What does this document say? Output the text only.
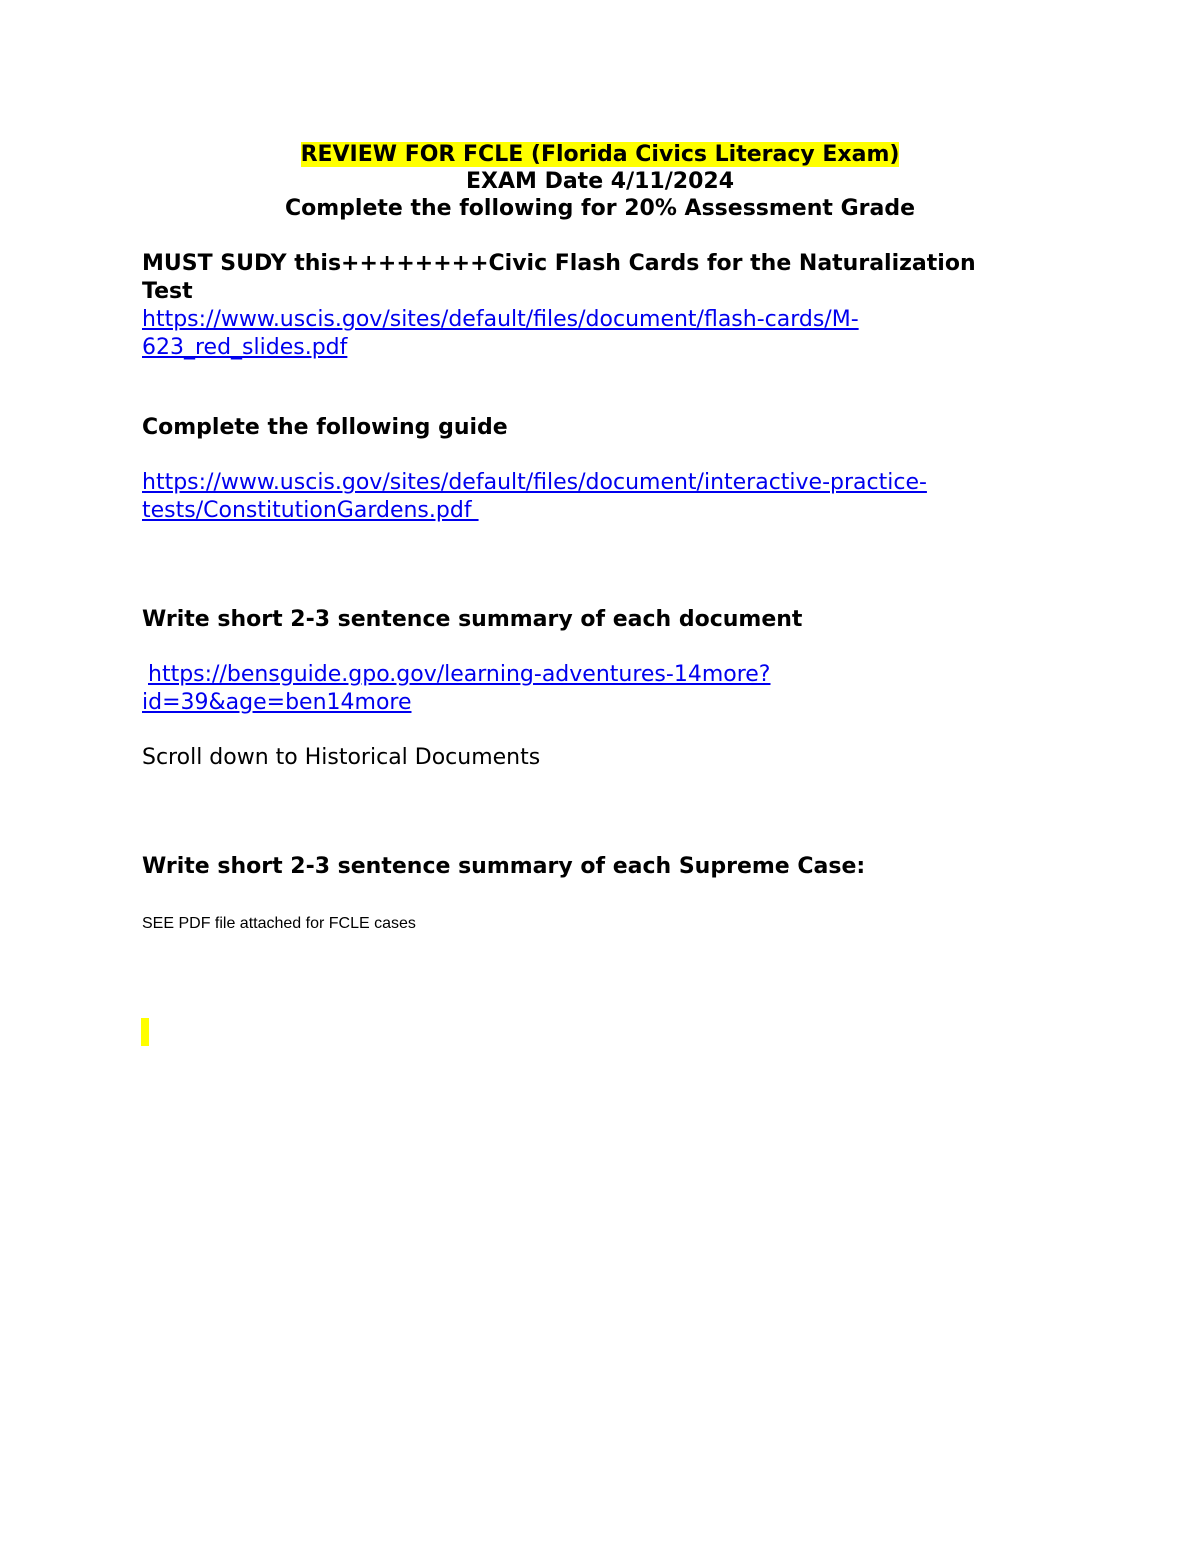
REVIEW FOR FCLE (Florida Civics Literacy Exam)
EXAM Date 4/11/2024
Complete the following for 20% Assessment Grade
MUST SUDY this++++++++Civic Flash Cards for the Naturalization
Test
https://www.uscis.gov/sites/default/files/document/flash-cards/M-
623_red_slides.pdf
Complete the following guide
https://www.uscis.gov/sites/default/files/document/interactive-practice-
tests/ConstitutionGardens.pdf
Write short 2-3 sentence summary of each document
https://bensguide.gpo.gov/learning-adventures-14more?
id=39&age=ben14more
Scroll down to Historical Documents
Write short 2-3 sentence summary of each Supreme Case:
SEE PDF file attached for FCLE cases
